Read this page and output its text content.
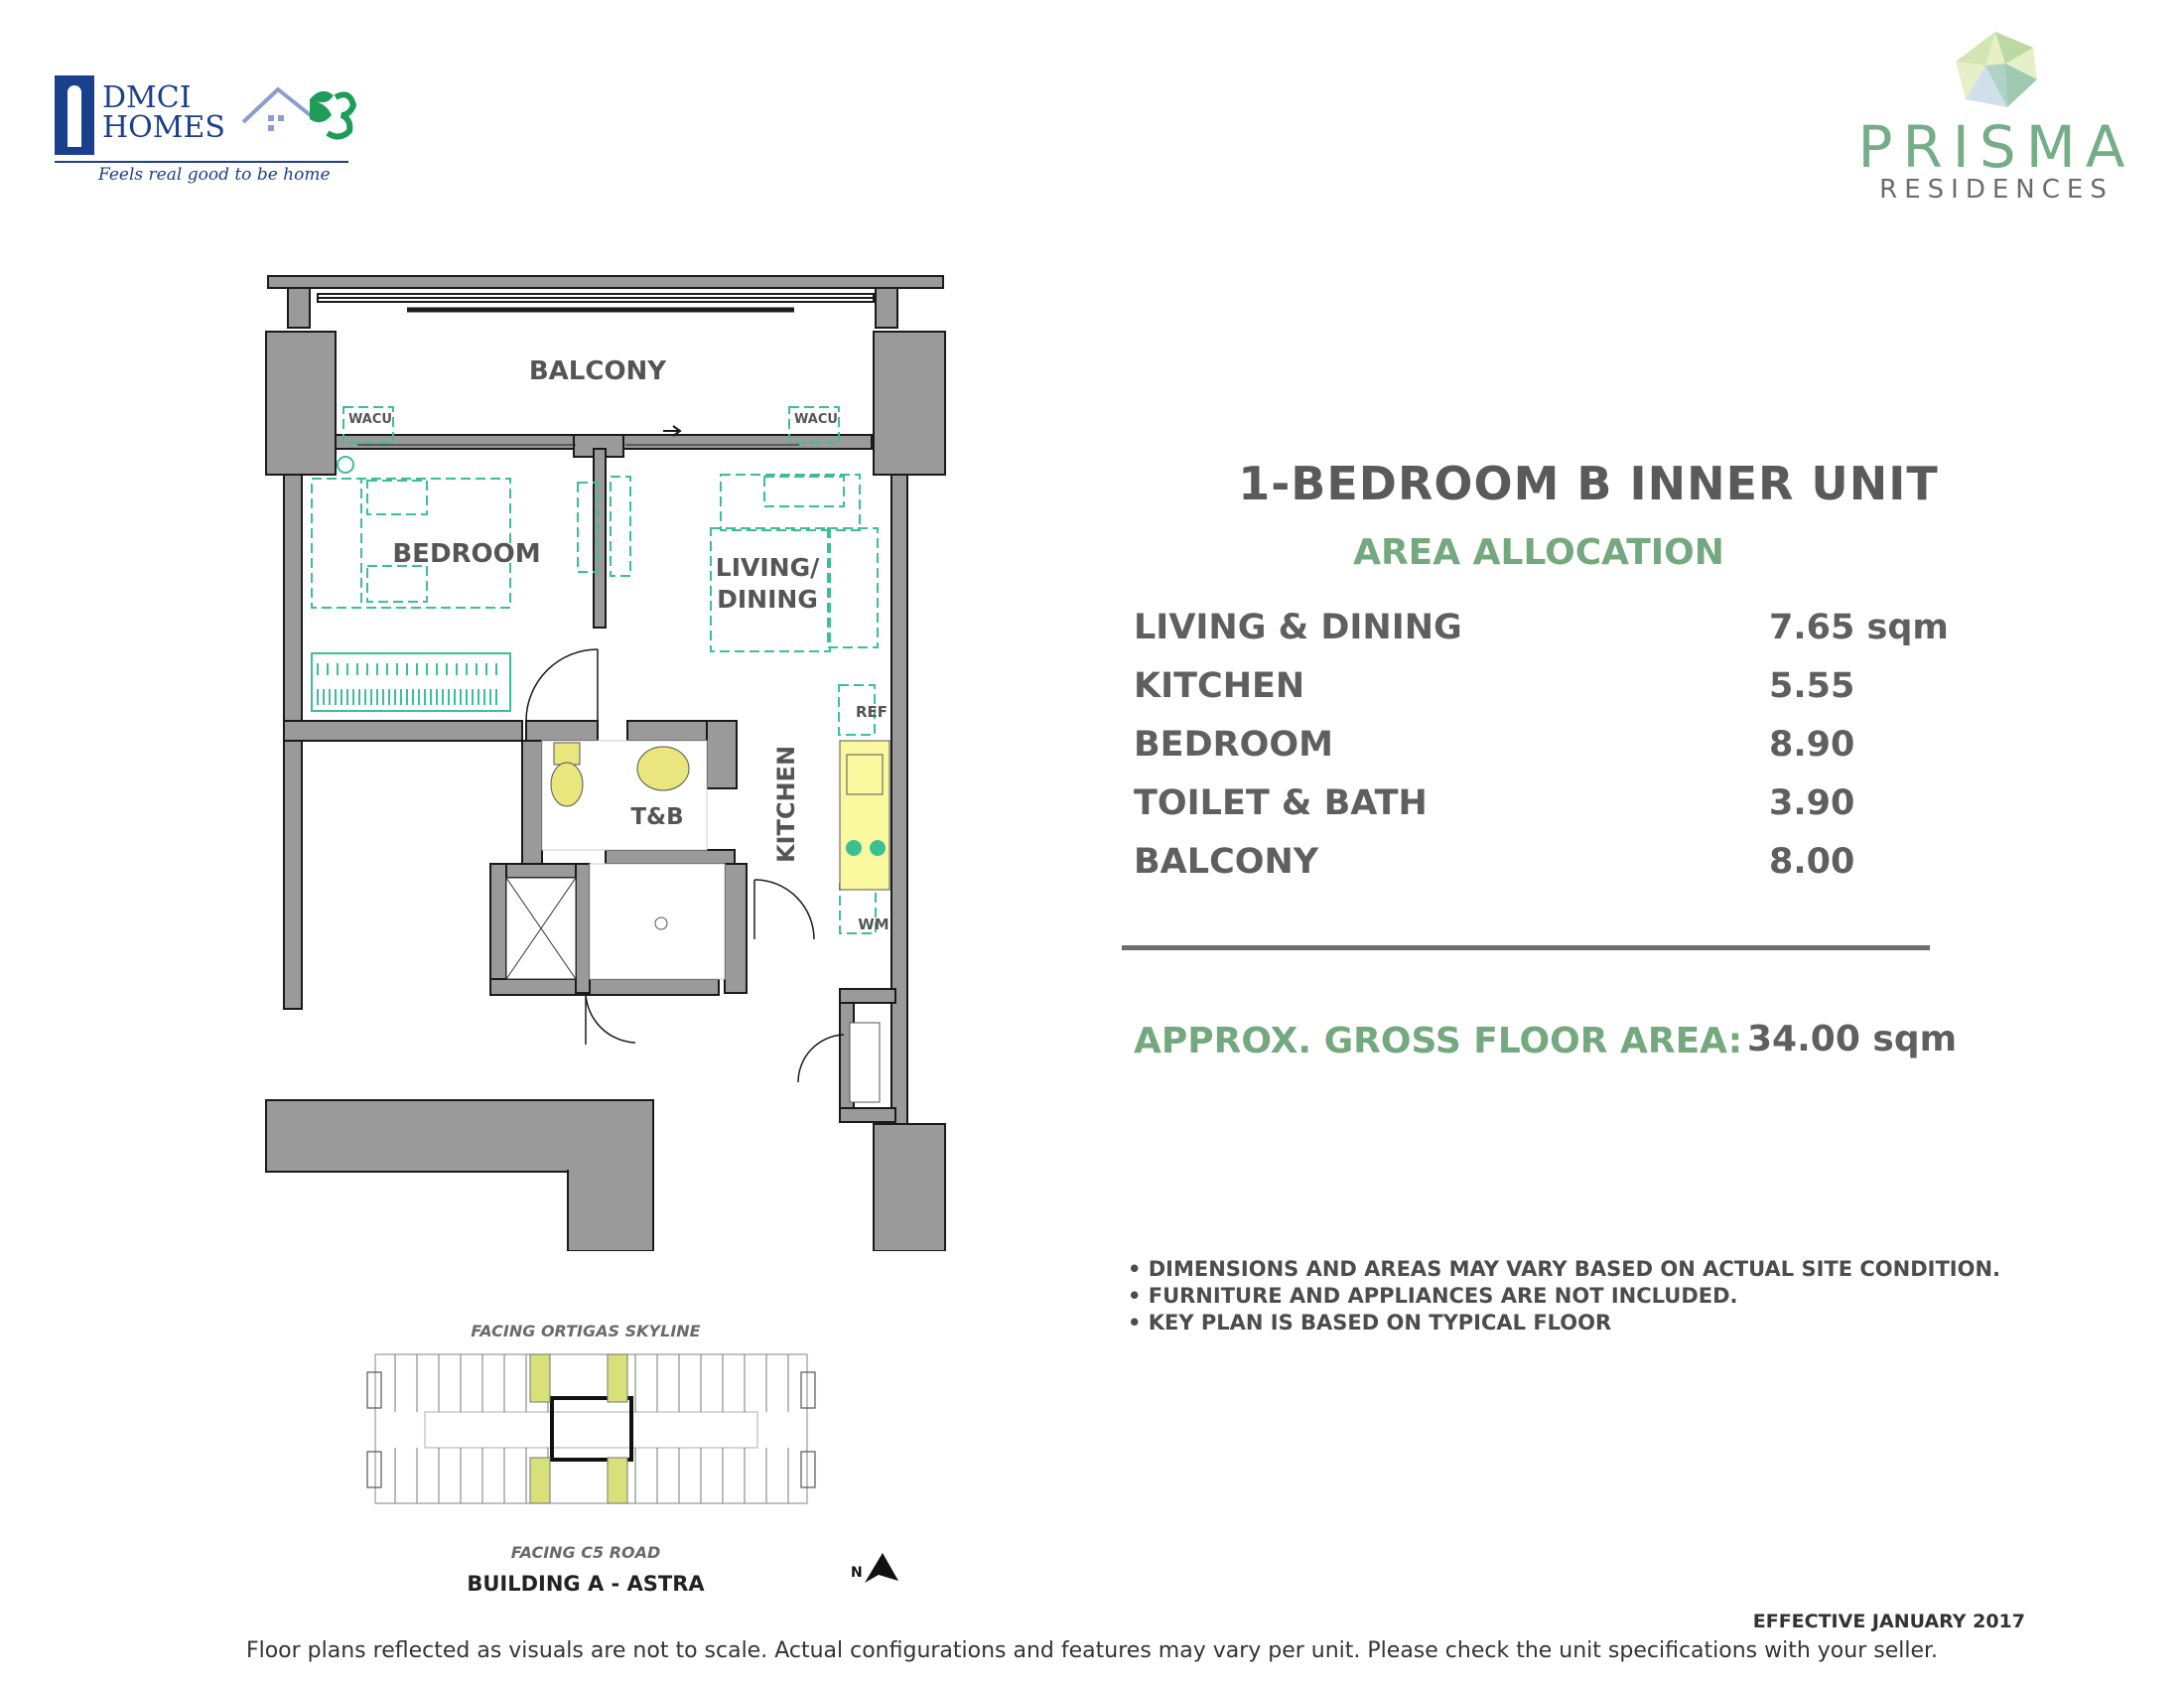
DMCI
HOMES
Feels real good to be home	PRISMA
RESIDENCES
BALCONY
WACU	WACU
BEDROOM	LIVING/
DINING
REF
KITCHEN
T&B
WM
1-BEDROOM B INNER UNIT
AREA ALLOCATION
LIVING & DINING	7.65 sqm
KITCHEN	5.55
BEDROOM	8.90
TOILET & BATH	3.90
BALCONY	8.00
APPROX. GROSS FLOOR AREA: 34.00 sqm
• DIMENSIONS AND AREAS MAY VARY BASED ON ACTUAL SITE CONDITION.
• FURNITURE AND APPLIANCES ARE NOT INCLUDED.
• KEY PLAN IS BASED ON TYPICAL FLOOR
FACING ORTIGAS SKYLINE
FACING C5 ROAD
BUILDING A - ASTRA	N
EFFECTIVE JANUARY 2017
Floor plans reflected as visuals are not to scale. Actual configurations and features may vary per unit. Please check the unit specifications with your seller.
